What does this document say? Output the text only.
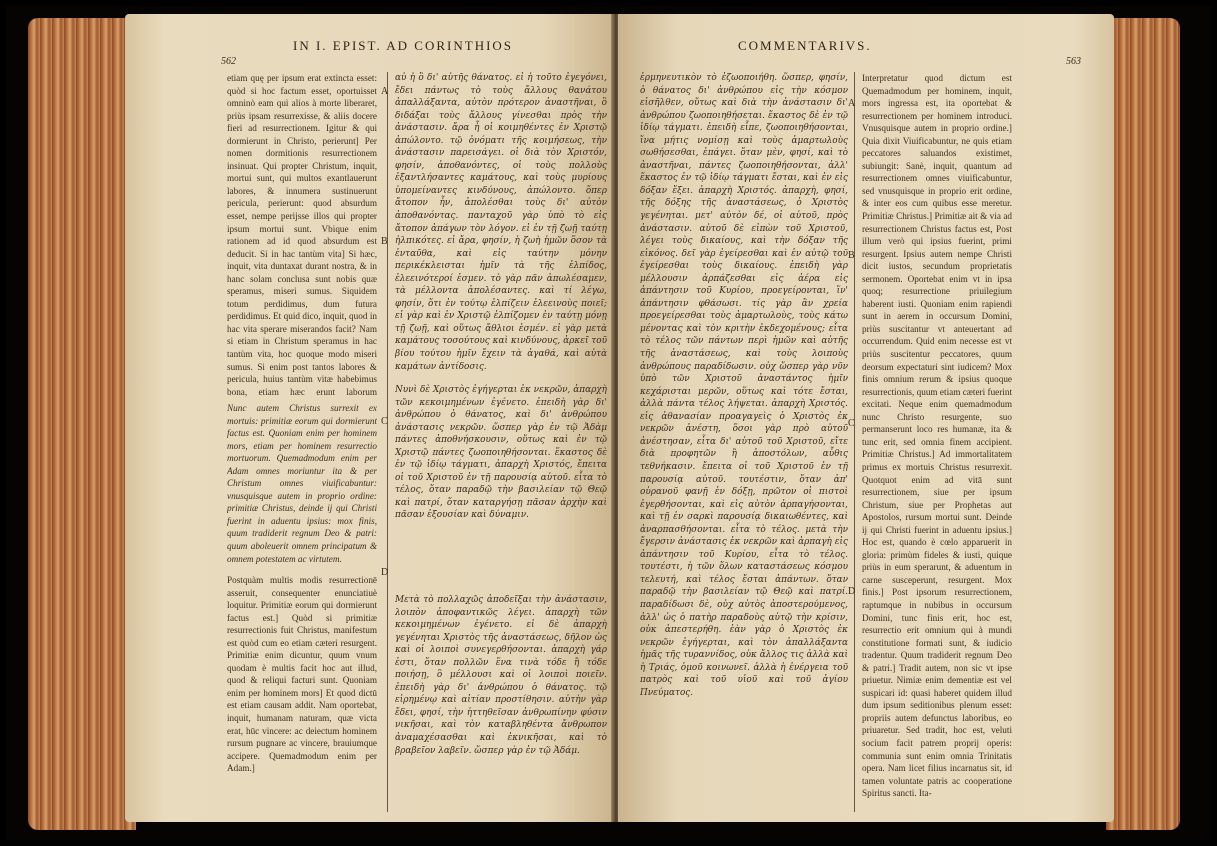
562
IN I. EPIST. AD CORINTHIOS

etiam quę per ipsum erat extincta esset: quòd si hoc factum esset, oportuisset omninò eam quì alios à morte liberaret, priùs ipsam resurrexisse, & aliis docere fieri ad resurrectionem. Igitur & qui dormierunt in Christo, perierunt] Per nomen dormitionis resurrectionem insinuat. Qui propter Christum, inquit, mortui sunt, qui multos exantlauerunt labores, & innumera sustinuerunt pericula, perierunt: quod absurdum esset, nempe perijsse illos qui propter ipsum mortui sunt. Vbique enim rationem ad id quod absurdum est deducit. Si in hac tantùm vita] Si hæc, inquit, vita duntaxat durant nostra, & in hanc solam conclusa sunt nobis quæ speramus, miseri sumus. Siquidem totum perdidimus, dum futura perdidimus. Et quid dico, inquit, quod in hac vita sperare miserandos facit? Nam si etiam in Christum speramus in hac tantùm vita, hoc quoque modo miseri sumus. Si enim post tantos labores & pericula, huius tantùm vitæ habebimus bona, etiam hæc erunt laborum

Nunc autem Christus surrexit ex mortuis: primitiæ eorum qui dormierunt factus est. Quoniam enim per hominem mors, etiam per hominem resurrectio mortuorum. Quemadmodum enim per Adam omnes moriuntur ita & per Christum omnes viuificabuntur: vnusquisque autem in proprio ordine: primitiæ Christus, deinde ij qui Christi fuerint in aduentu ipsius: mox finis, quum tradiderit regnum Deo & patri: quum aboleuerit omnem principatum & omnem potestatem ac virtutem.

Postquàm multis modis resurrectionē asseruit, consequenter enunciatiuè loquitur. Primitiæ eorum qui dormierunt factus est.] Quòd si primitiæ resurrectionis fuit Christus, manifestum est quòd cum eo etiam cæteri resurgent. Primitiæ enim dicuntur, quum vnum quodam è multis facit hoc aut illud, quod & reliqui facturi sunt. Quoniam enim per hominem mors] Et quod dictū est etiam causam addit. Nam oportebat, inquit, humanam naturam, quæ victa erat, hūc vincere: ac deiectum hominem rursum pugnare ac vincere, brauiumque accipere. Quemadmodum enim per Adam.]

αὐ ἦ ὃ δι' αὐτῆς θάνατος. εἰ ἦ τοῦτο ἐγεγόνει, ἔδει πάντως τὸ τοὺς ἄλλους θανάτου ἀπαλλάξαντα, αὐτὸν πρότερον ἀναστῆναι, ὃ διδάξαι τοὺς ἄλλους γίνεσθαι πρὸς τὴν ἀνάστασιν. ἄρα ἦ οἱ κοιμηθέντες ἐν Χριστῷ ἀπώλοντο. τῷ ὀνόματι τῆς κοιμήσεως, τὴν ἀνάστασιν παρεισάγει. οἱ διὰ τὸν Χριστόν, φησίν, ἀποθανόντες, οἱ τοὺς πολλοὺς ἐξαντλήσαντες καμάτους, καὶ τοὺς μυρίους ὑπομείναντες κινδύνους, ἀπώλοντο. ὅπερ ἄτοπον ἦν, ἀπολέσθαι τοὺς δι' αὐτὸν ἀποθανόντας. πανταχοῦ γὰρ ὑπὸ τὸ εἰς ἄτοπον ἀπάγων τὸν λόγον. εἰ ἐν τῇ ζωῇ ταύτῃ ἠλπικότες. εἰ ἄρα, φησίν, ἡ ζωὴ ἡμῶν ὅσον τὰ ἐνταῦθα, καὶ εἰς ταύτην μόνην περικέκλεισται ἡμῖν τὰ τῆς ἐλπίδος, ἐλεεινότεροί ἐσμεν. τὸ γὰρ πᾶν ἀπωλέσαμεν, τὰ μέλλοντα ἀπολέσαντες. καὶ τί λέγω, φησίν, ὅτι ἐν τούτῳ ἐλπίζειν ἐλεεινοὺς ποιεῖ; εἰ γὰρ καὶ ἐν Χριστῷ ἐλπίζομεν ἐν ταύτῃ μόνῃ τῇ ζωῇ, καὶ οὕτως ἄθλιοι ἐσμέν. εἰ γὰρ μετὰ καμάτους τοσούτους καὶ κινδύνους, ἀρκεῖ τοῦ βίου τούτου ἡμῖν ἔχειν τὰ ἀγαθά, καὶ αὐτὰ καμάτων ἀντίδοσις.

Νυνὶ δὲ Χριστὸς ἐγήγερται ἐκ νεκρῶν, ἀπαρχὴ τῶν κεκοιμημένων ἐγένετο. ἐπειδὴ γὰρ δι' ἀνθρώπου ὁ θάνατος, καὶ δι' ἀνθρώπου ἀνάστασις νεκρῶν. ὥσπερ γὰρ ἐν τῷ Ἀδὰμ πάντες ἀποθνήσκουσιν, οὕτως καὶ ἐν τῷ Χριστῷ πάντες ζωοποιηθήσονται. ἕκαστος δὲ ἐν τῷ ἰδίῳ τάγματι, ἀπαρχὴ Χριστός, ἔπειτα οἱ τοῦ Χριστοῦ ἐν τῇ παρουσίᾳ αὐτοῦ. εἶτα τὸ τέλος, ὅταν παραδῷ τὴν βασιλείαν τῷ Θεῷ καὶ πατρί, ὅταν καταργήσῃ πᾶσαν ἀρχὴν καὶ πᾶσαν ἐξουσίαν καὶ δύναμιν.

Μετὰ τὸ πολλαχῶς ἀποδεῖξαι τὴν ἀνάστασιν, λοιπὸν ἀποφαντικῶς λέγει. ἀπαρχὴ τῶν κεκοιμημένων ἐγένετο. εἰ δὲ ἀπαρχὴ γεγένηται Χριστὸς τῆς ἀναστάσεως, δῆλον ὡς καὶ οἱ λοιποὶ συνεγερθήσονται. ἀπαρχὴ γάρ ἐστι, ὅταν πολλῶν ἕνα τινὰ τόδε ἢ τόδε ποιήσῃ, ὃ μέλλουσι καὶ οἱ λοιποὶ ποιεῖν. ἐπειδὴ γὰρ δι' ἀνθρώπου ὁ θάνατος. τῷ εἰρημένῳ καὶ αἰτίαν προστίθησιν. αὐτὴν γὰρ ἔδει, φησί, τὴν ἡττηθεῖσαν ἀνθρωπίνην φύσιν νικῆσαι, καὶ τὸν καταβληθέντα ἄνθρωπον ἀναμαχέσασθαι καὶ ἐκνικῆσαι, καὶ τὸ βραβεῖον λαβεῖν. ὥσπερ γὰρ ἐν τῷ Ἀδάμ.

A
B
C
D
COMMENTARIVS.
563

ἑρμηνευτικὸν τὸ ἐζωοποιήθη. ὥσπερ, φησίν, ὁ θάνατος δι' ἀνθρώπου εἰς τὴν κόσμον εἰσῆλθεν, οὕτως καὶ διὰ τὴν ἀνάστασιν δι' ἀνθρώπου ζωοποιηθήσεται. ἕκαστος δὲ ἐν τῷ ἰδίῳ τάγματι. ἐπειδὴ εἶπε, ζωοποιηθήσονται, ἵνα μήτις νομίσῃ καὶ τοὺς ἁμαρτωλοὺς σωθήσεσθαι, ἐπάγει. ὅταν μὲν, φησί, καὶ τὸ ἀναστῆναι, πάντες ζωοποιηθήσονται, ἀλλ' ἕκαστος ἐν τῷ ἰδίῳ τάγματι ἔσται, καὶ ἐν εἰς δόξαν ἕξει. ἀπαρχὴ Χριστός. ἀπαρχὴ, φησί, τῆς δόξης τῆς ἀναστάσεως, ὁ Χριστὸς γεγένηται. μετ' αὐτὸν δέ, οἱ αὐτοῦ, πρὸς ἀνάστασιν. αὐτοῦ δὲ εἰπὼν τοῦ Χριστοῦ, λέγει τοὺς δικαίους, καὶ τὴν δόξαν τῆς εἰκόνος. δεῖ γὰρ ἐγείρεσθαι καὶ ἐν αὐτῷ τοῦ ἐγείρεσθαι τοὺς δικαίους. ἐπειδὴ γὰρ μέλλουσιν ἁρπάζεσθαι εἰς ἀέρα εἰς ἀπάντησιν τοῦ Κυρίου, προεγείρονται, ἵν' ἀπάντησιν φθάσωσι. τίς γὰρ ἂν χρεία προεγείρεσθαι τοὺς ἁμαρτωλοὺς, τοὺς κάτω μένοντας καὶ τὸν κριτὴν ἐκδεχομένους; εἶτα τὸ τέλος τῶν πάντων περὶ ἡμῶν καὶ αὐτῆς τῆς ἀναστάσεως, καὶ τοὺς λοιποὺς ἀνθρώπους παραδίδωσιν. οὐχ ὥσπερ γὰρ νῦν ὑπὸ τῶν Χριστοῦ ἀναστάντος ἡμῖν κεχάρισται μερῶν, οὕτως καὶ τότε ἔσται, ἀλλὰ πάντα τέλος λήψεται. ἀπαρχὴ Χριστός. εἰς ἀθανασίαν προαγαγεὶς ὁ Χριστὸς ἐκ νεκρῶν ἀνέστη, ὅσοι γὰρ πρὸ αὐτοῦ ἀνέστησαν, εἶτα δι' αὐτοῦ τοῦ Χριστοῦ, εἴτε διὰ προφητῶν ἢ ἀποστόλων, αὖθις τεθνήκασιν. ἔπειτα οἱ τοῦ Χριστοῦ ἐν τῇ παρουσίᾳ αὐτοῦ. τουτέστιν, ὅταν ἀπ' οὐρανοῦ φανῇ ἐν δόξῃ, πρῶτον οἱ πιστοὶ ἐγερθήσονται, καὶ εἰς αὐτὸν ἁρπαγήσονται, καὶ τῇ ἐν σαρκὶ παρουσίᾳ δικαιωθέντες, καὶ ἀναρπασθήσονται. εἶτα τὸ τέλος. μετὰ τὴν ἔγερσιν ἀνάστασις ἐκ νεκρῶν καὶ ἁρπαγὴ εἰς ἀπάντησιν τοῦ Κυρίου, εἶτα τὸ τέλος. τουτέστι, ἡ τῶν ὅλων καταστάσεως κόσμου τελευτή, καὶ τέλος ἔσται ἁπάντων. ὅταν παραδῷ τὴν βασιλείαν τῷ Θεῷ καὶ πατρί. παραδίδωσι δὲ, οὐχ αὐτὸς ἀποστερούμενος, ἀλλ' ὡς ὁ πατὴρ παραδοὺς αὐτῷ τὴν κρίσιν, οὐκ ἀπεστερήθη. ἐὰν γὰρ ὁ Χριστὸς ἐκ νεκρῶν ἐγήγερται, καὶ τὸν ἀπαλλάξαντα ἡμᾶς τῆς τυραννίδος, οὐκ ἄλλος τις ἀλλὰ καὶ ἡ Τριάς, ὁμοῦ κοινωνεῖ. ἀλλὰ ἡ ἐνέργεια τοῦ πατρὸς καὶ τοῦ υἱοῦ καὶ τοῦ ἁγίου Πνεύματος.

Interpretatur quod dictum est Quemadmodum per hominem, inquit, mors ingressa est, ita oportebat & resurrectionem per hominem introduci. Vnusquisque autem in proprio ordine.] Quia dixit Viuificabuntur, ne quis etiam peccatores saluandos existimet, subiungit: Sanè, inquit, quantum ad resurrectionem omnes viuificabuntur, sed vnusquisque in proprio erit ordine, & inter eos cum quibus esse meretur. Primitiæ Christus.] Primitiæ ait & via ad resurrectionem Christus factus est, Post illum verò qui ipsius fuerint, primi resurgent. Ipsius autem nempe Christi dicit iustos, secundum proprietatis sermonem. Oportebat enim vt in ipsa quoq; resurrectione priuilegium haberent iusti. Quoniam enim rapiendi sunt in aerem in occursum Domini, priùs suscitantur vt anteuertant ad occurrendum. Quid enim necesse est vt priùs suscitentur peccatores, quum deorsum expectaturi sint iudicem? Mox finis omnium rerum & ipsius quoque resurrectionis, quum etiam cæteri fuerint excitati. Neque enim quemadmodum nunc Christo resurgente, suo permanserunt loco res humanæ, ita & tunc erit, sed omnia finem accipient. Primitiæ Christus.] Ad immortalitatem primus ex mortuis Christus resurrexit. Quotquot enim ad vitā sunt resurrectionem, siue per ipsum Christum, siue per Prophetas aut Apostolos, rursum mortui sunt. Deinde ij qui Christi fuerint in aduentu ipsius.] Hoc est, quando è cœlo apparuerit in gloria: primùm fideles & iusti, quique priùs in eum sperarunt, & aduentum in carne susceperunt, resurgent. Mox finis.] Post ipsorum resurrectionem, raptumque in nubibus in occursum Domini, tunc finis erit, hoc est, resurrectio erit omnium qui à mundi constitutione formati sunt, & iudicio tradentur. Quum tradiderit regnum Deo & patri.] Tradit autem, non sic vt ipse priuetur. Nimiæ enim dementiæ est vel suspicari id: quasi haberet quidem illud dum ipsum seditionibus plenum esset: propriis autem defunctus laboribus, eo priuaretur. Sed tradit, hoc est, veluti socium facit patrem proprij operis: communia sunt enim omnia Trinitatis opera. Nam licet filius incarnatus sit, id tamen voluntate patris ac cooperatione Spiritus sancti. Ita-

A
B
C
D
